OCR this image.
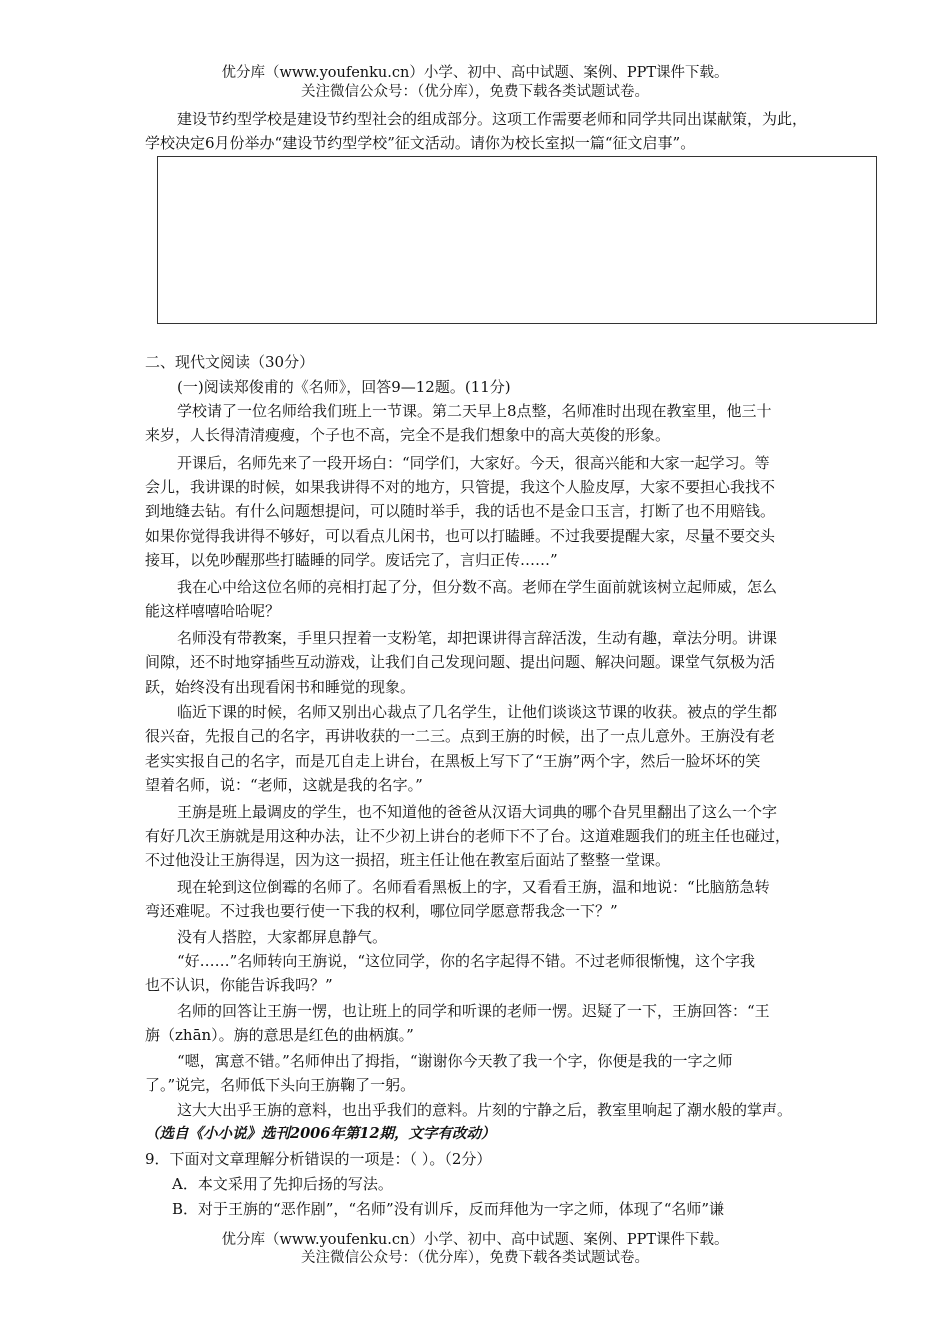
优分库（www.youfenku.cn）小学、初中、高中试题、案例、PPT课件下载。
关注微信公众号：（优分库），免费下载各类试题试卷。
建设节约型学校是建设节约型社会的组成部分。这项工作需要老师和同学共同出谋献策，为此，
学校决定6月份举办“建设节约型学校”征文活动。请你为校长室拟一篇“征文启事”。
二、现代文阅读（30分）
(一)阅读郑俊甫的《名师》，回答9—12题。(11分)
学校请了一位名师给我们班上一节课。第二天早上8点整，名师准时出现在教室里，他三十
来岁，人长得清清瘦瘦，个子也不高，完全不是我们想象中的高大英俊的形象。
开课后，名师先来了一段开场白：“同学们，大家好。今天，很高兴能和大家一起学习。等
会儿，我讲课的时候，如果我讲得不对的地方，只管提，我这个人脸皮厚，大家不要担心我找不
到地缝去钻。有什么问题想提问，可以随时举手，我的话也不是金口玉言，打断了也不用赔钱。
如果你觉得我讲得不够好，可以看点儿闲书，也可以打瞌睡。不过我要提醒大家，尽量不要交头
接耳，以免吵醒那些打瞌睡的同学。废话完了，言归正传……”
我在心中给这位名师的亮相打起了分，但分数不高。老师在学生面前就该树立起师威，怎么
能这样嘻嘻哈哈呢？
名师没有带教案，手里只捏着一支粉笔，却把课讲得言辞活泼，生动有趣，章法分明。讲课
间隙，还不时地穿插些互动游戏，让我们自己发现问题、提出问题、解决问题。课堂气氛极为活
跃，始终没有出现看闲书和睡觉的现象。
临近下课的时候，名师又别出心裁点了几名学生，让他们谈谈这节课的收获。被点的学生都
很兴奋，先报自己的名字，再讲收获的一二三。点到王旃的时候，出了一点儿意外。王旃没有老
老实实报自己的名字，而是兀自走上讲台，在黑板上写下了“王旃”两个字，然后一脸坏坏的笑
望着名师，说：“老师，这就是我的名字。”
王旃是班上最调皮的学生，也不知道他的爸爸从汉语大词典的哪个旮旯里翻出了这么一个字
有好几次王旃就是用这种办法，让不少初上讲台的老师下不了台。这道难题我们的班主任也碰过，
不过他没让王旃得逞，因为这一损招，班主任让他在教室后面站了整整一堂课。
现在轮到这位倒霉的名师了。名师看看黑板上的字，又看看王旃，温和地说：“比脑筋急转
弯还难呢。不过我也要行使一下我的权利，哪位同学愿意帮我念一下？”
没有人搭腔，大家都屏息静气。
“好……”名师转向王旃说，“这位同学，你的名字起得不错。不过老师很惭愧，这个字我
也不认识，你能告诉我吗？”
名师的回答让王旃一愣，也让班上的同学和听课的老师一愣。迟疑了一下，王旃回答：“王
旃（zhān）。旃的意思是红色的曲柄旗。”
“嗯，寓意不错。”名师伸出了拇指，“谢谢你今天教了我一个字，你便是我的一字之师
了。”说完，名师低下头向王旃鞠了一躬。
这大大出乎王旃的意料，也出乎我们的意料。片刻的宁静之后，教室里响起了潮水般的掌声。
（选自《小小说》选刊2006年第12期，文字有改动）
9．下面对文章理解分析错误的一项是：（ ）。（2分）
A．本文采用了先抑后扬的写法。
B．对于王旃的“恶作剧”，“名师”没有训斥，反而拜他为一字之师，体现了“名师”谦
优分库（www.youfenku.cn）小学、初中、高中试题、案例、PPT课件下载。
关注微信公众号：（优分库），免费下载各类试题试卷。
